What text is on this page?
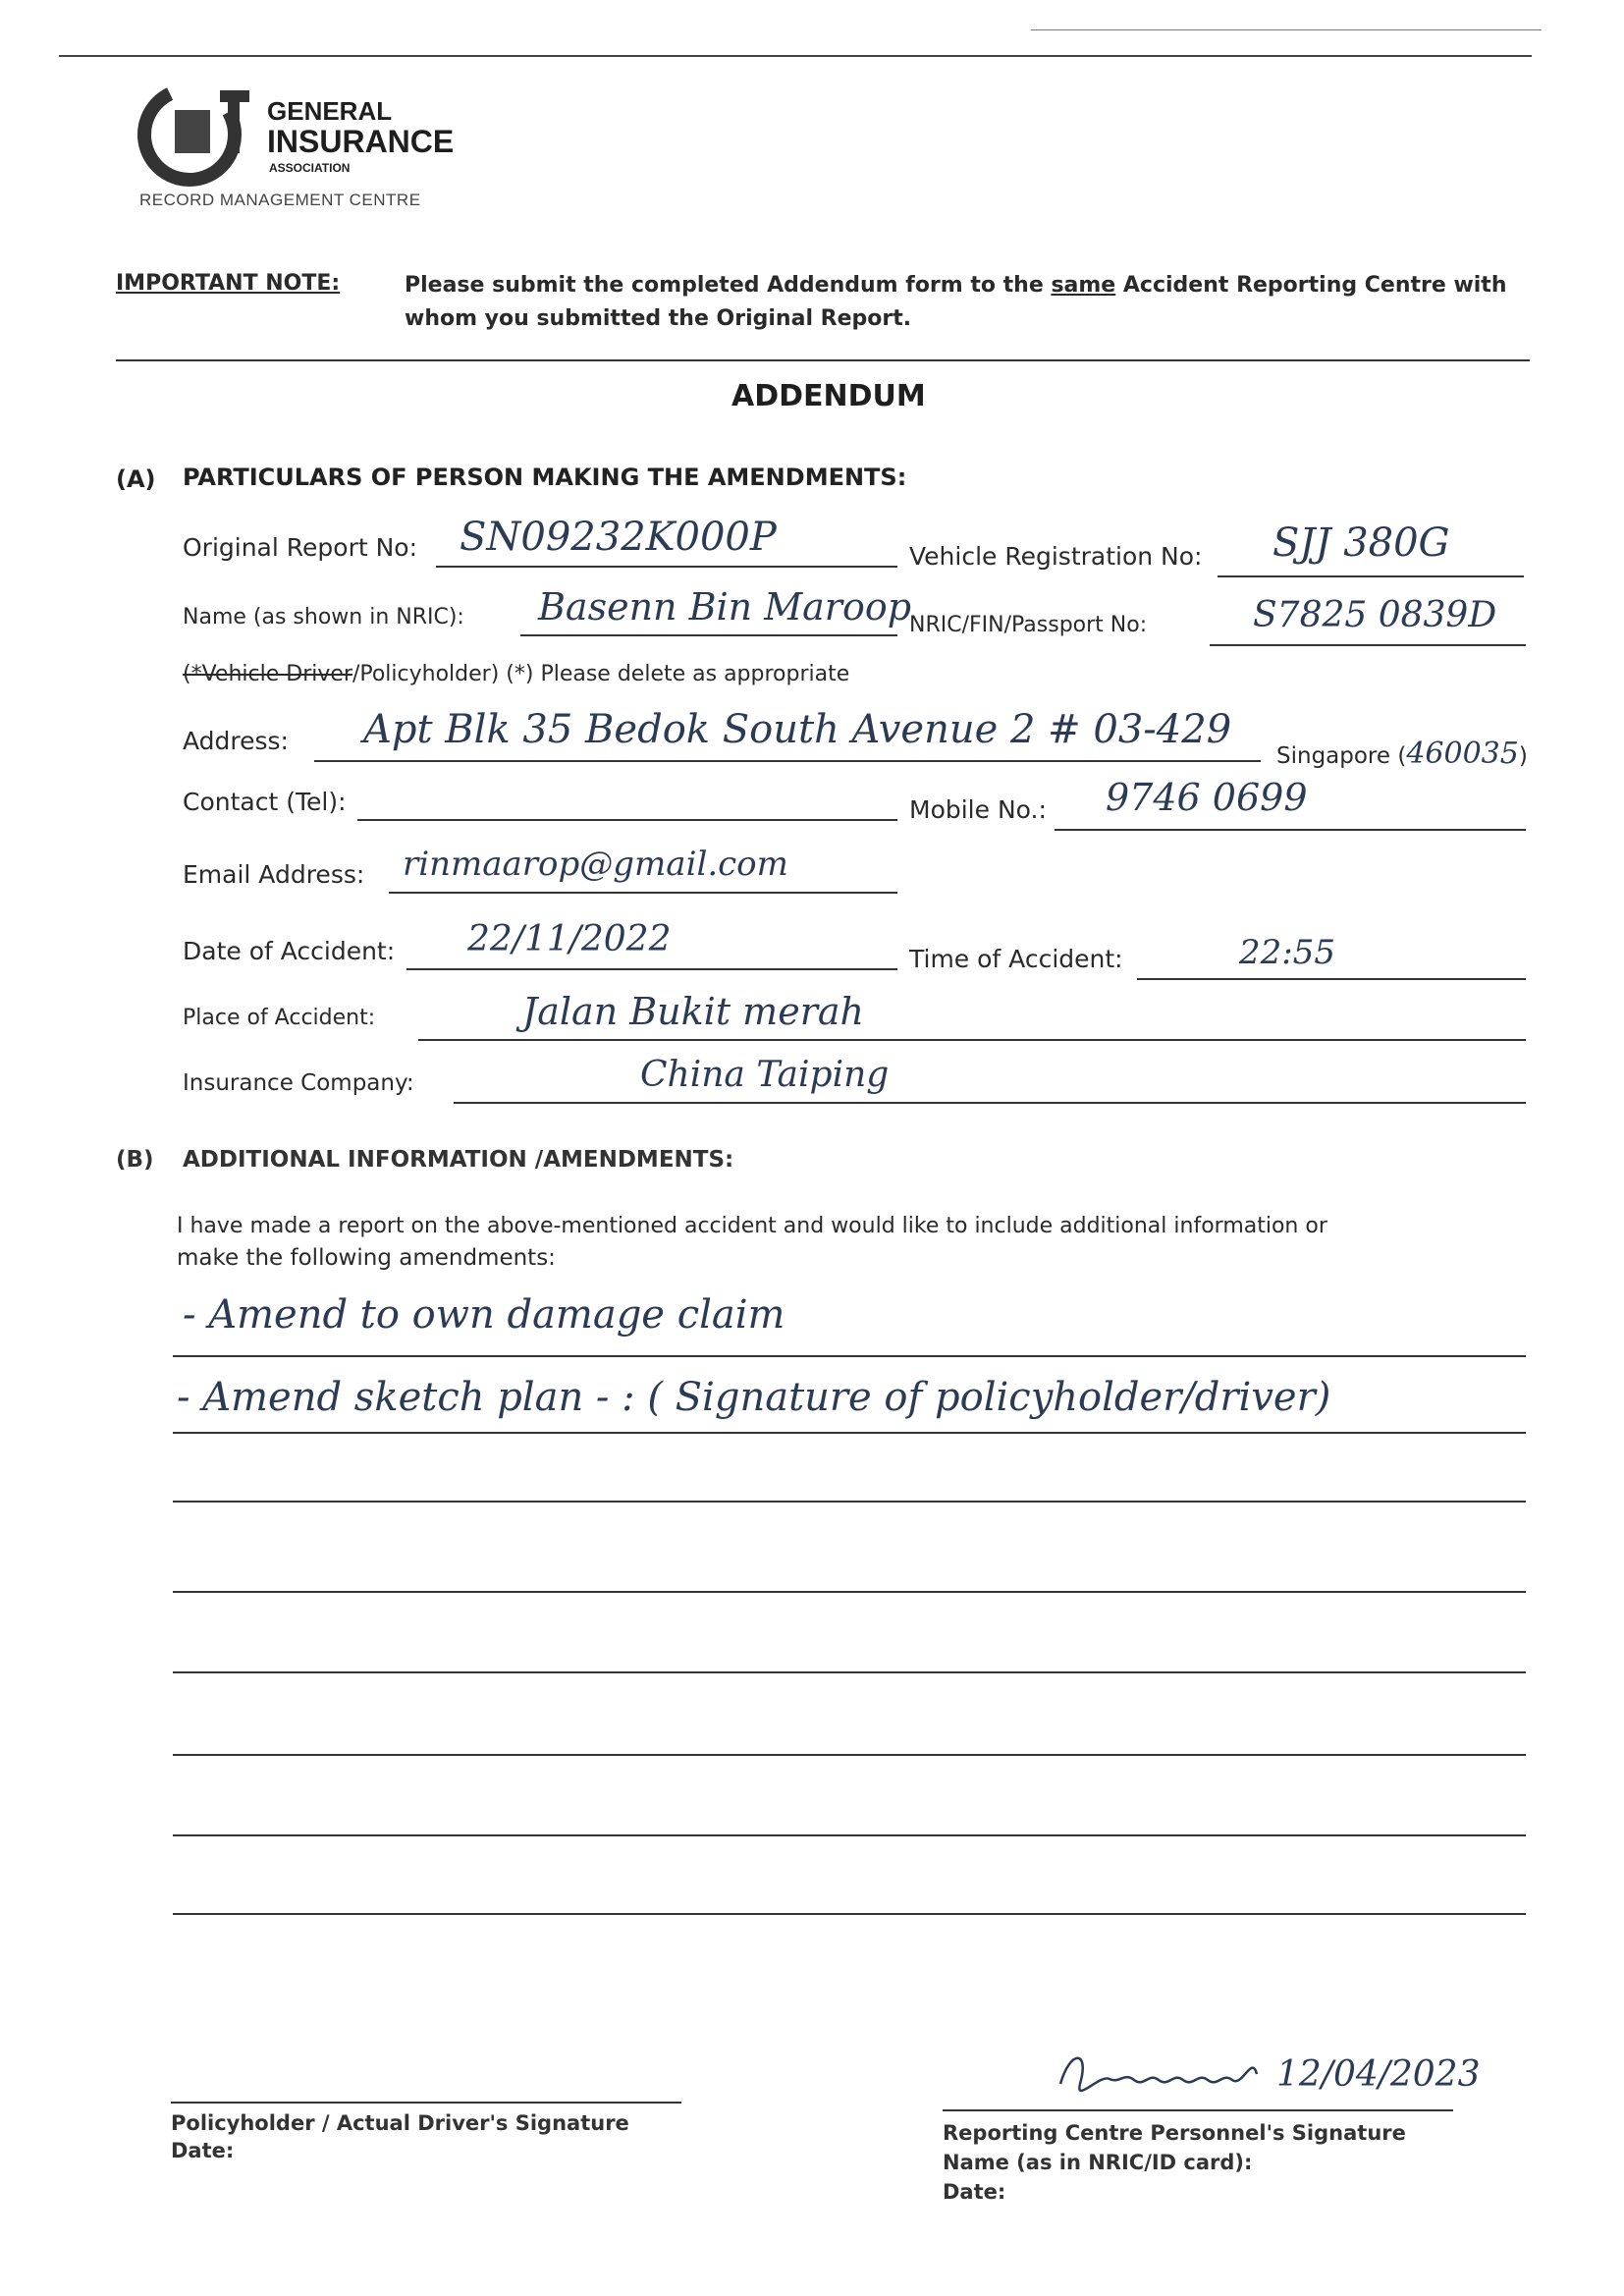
GENERAL
INSURANCE
ASSOCIATION
RECORD MANAGEMENT CENTRE
IMPORTANT NOTE:	Please submit the completed Addendum form to the same Accident Reporting Centre with
whom you submitted the Original Report.
ADDENDUM
(A) PARTICULARS OF PERSON MAKING THE AMENDMENTS:
Original Report No: SN09232K000P	Vehicle Registration No: SJJ 380G
Name (as shown in NRIC): Basenn Bin Maroop
NRIC/FIN/Passport No:	S7825 0839D
(*Vehicle Driver/Policyholder) (*) Please delete as appropriate
Address: Apt Blk 35 Bedok South Avenue 2 # 03-429
Singapore (460035)
Contact (Tel):	Mobile No.: 9746 0699
Email Address: rinmaarop@gmail.com
Date of Accident: 22/11/2022	Time of Accident:	22:55
Place of Accident:	Jalan Bukit merah
Insurance Company:	China Taiping
(B) ADDITIONAL INFORMATION /AMENDMENTS:
I have made a report on the above-mentioned accident and would like to include additional information or
make the following amendments:
- Amend to own damage claim
- Amend sketch plan - : ( Signature of policyholder/driver)
Policyholder / Actual Driver's Signature
Date:
12/04/2023
Reporting Centre Personnel's Signature
Name (as in NRIC/ID card):
Date:
